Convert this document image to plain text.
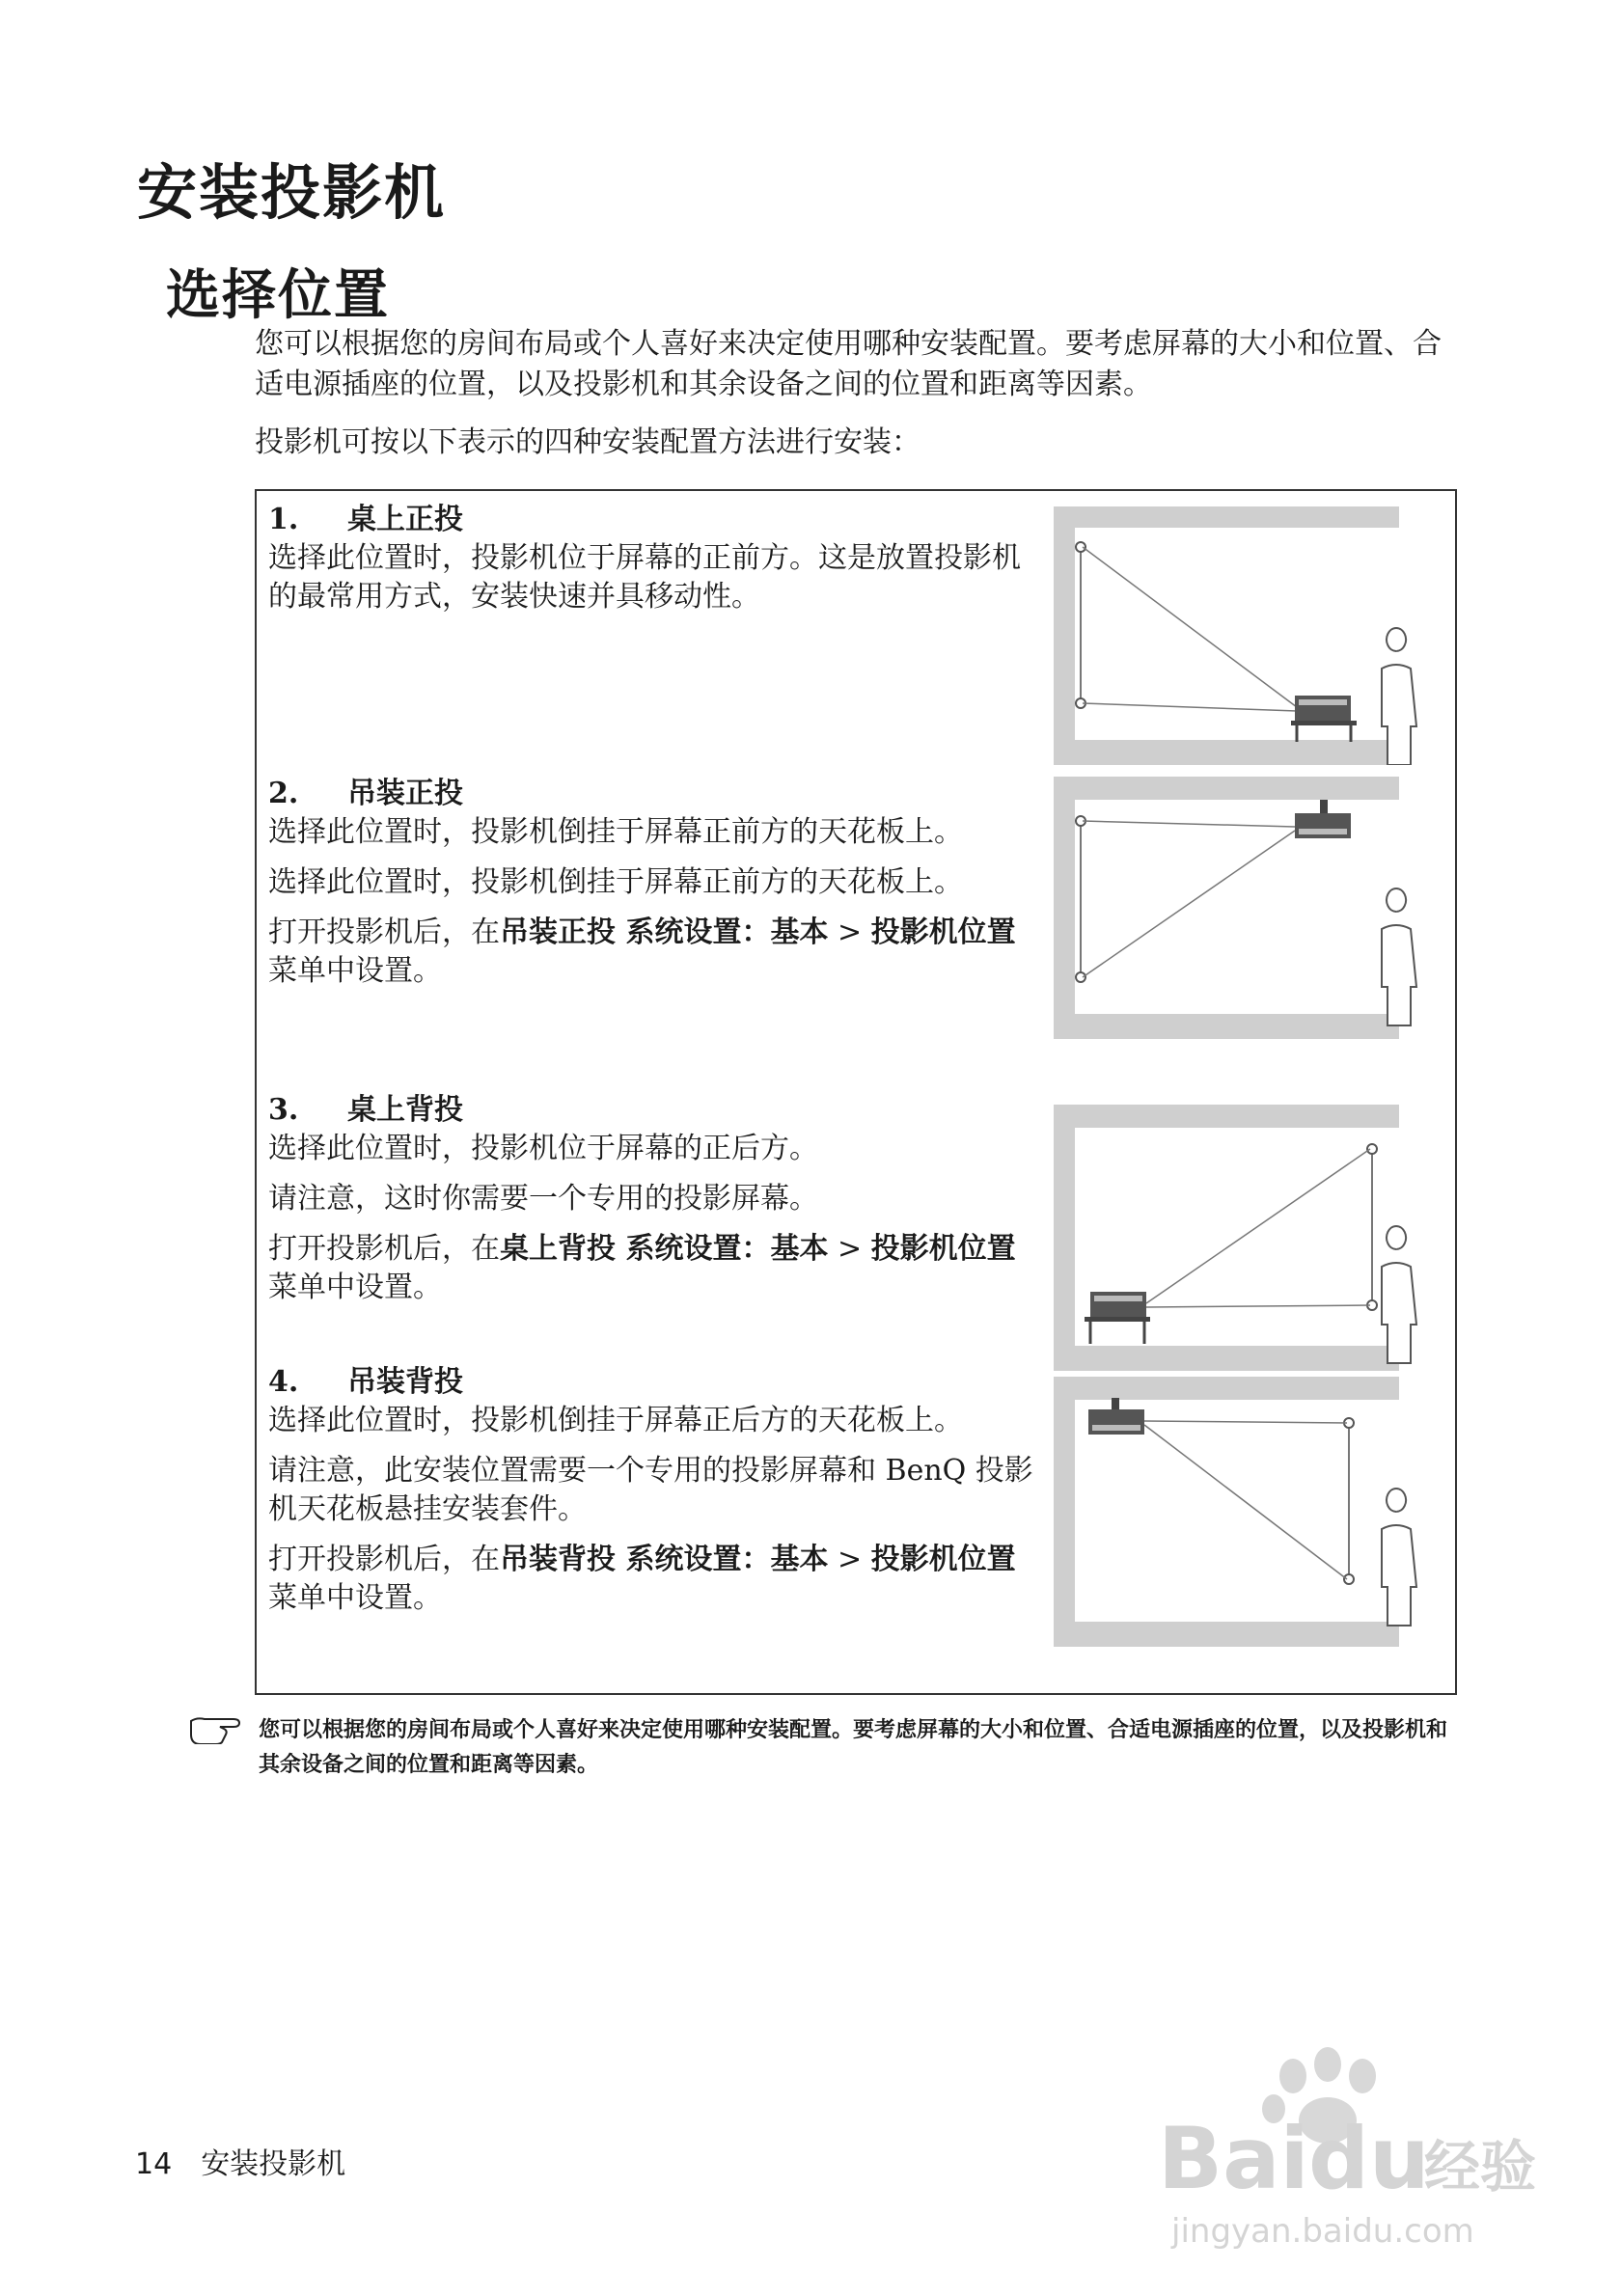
安装投影机
选择位置
您可以根据您的房间布局或个人喜好来决定使用哪种安装配置。要考虑屏幕的大小和位置、合适电源插座的位置，以及投影机和其余设备之间的位置和距离等因素。
投影机可按以下表示的四种安装配置方法进行安装：
1. 桌上正投

选择此位置时，投影机位于屏幕的正前方。这是放置投影机的最常用方式，安装快速并具移动性。

2. 吊装正投

选择此位置时，投影机倒挂于屏幕正前方的天花板上。

选择此位置时，投影机倒挂于屏幕正前方的天花板上。

打开投影机后，在吊装正投 系统设置：基本 > 投影机位置 菜单中设置。

3. 桌上背投

选择此位置时，投影机位于屏幕的正后方。

请注意，这时你需要一个专用的投影屏幕。

打开投影机后，在桌上背投 系统设置：基本 > 投影机位置 菜单中设置。

4. 吊装背投

选择此位置时，投影机倒挂于屏幕正后方的天花板上。

请注意，此安装位置需要一个专用的投影屏幕和 BenQ 投影机天花板悬挂安装套件。

打开投影机后，在吊装背投 系统设置：基本 > 投影机位置 菜单中设置。

您可以根据您的房间布局或个人喜好来决定使用哪种安装配置。要考虑屏幕的大小和位置、合适电源插座的位置，以及投影机和其余设备之间的位置和距离等因素。
14 安装投影机	Bai du
经验
jingyan.baidu.com
